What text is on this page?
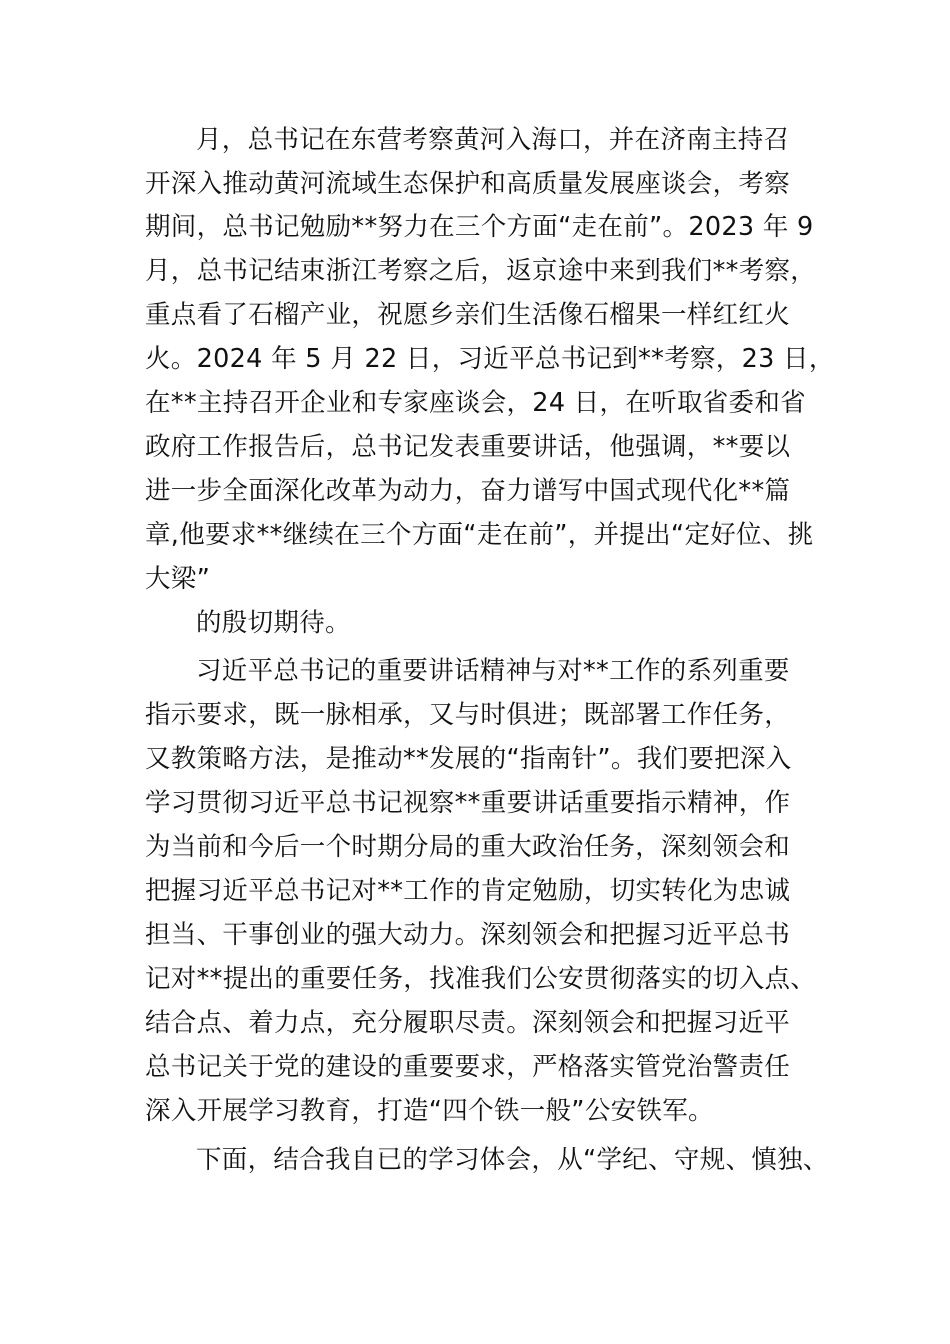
月，总书记在东营考察黄河入海口，并在济南主持召
开深入推动黄河流域生态保护和高质量发展座谈会，考察
期间，总书记勉励**努力在三个方面“走在前”。2023 年 9
月，总书记结束浙江考察之后，返京途中来到我们**考察，
重点看了石榴产业，祝愿乡亲们生活像石榴果一样红红火
火。2024 年 5 月 22 日，习近平总书记到**考察，23 日，
在**主持召开企业和专家座谈会，24 日，在听取省委和省
政府工作报告后，总书记发表重要讲话，他强调，**要以
进一步全面深化改革为动力，奋力谱写中国式现代化**篇
章,他要求**继续在三个方面“走在前”，并提出“定好位、挑
大梁”
的殷切期待。
习近平总书记的重要讲话精神与对**工作的系列重要
指示要求，既一脉相承，又与时俱进；既部署工作任务，
又教策略方法，是推动**发展的“指南针”。我们要把深入
学习贯彻习近平总书记视察**重要讲话重要指示精神，作
为当前和今后一个时期分局的重大政治任务，深刻领会和
把握习近平总书记对**工作的肯定勉励，切实转化为忠诚
担当、干事创业的强大动力。深刻领会和把握习近平总书
记对**提出的重要任务，找准我们公安贯彻落实的切入点、
结合点、着力点，充分履职尽责。深刻领会和把握习近平
总书记关于党的建设的重要要求，严格落实管党治警责任
深入开展学习教育，打造“四个铁一般”公安铁军。
下面，结合我自已的学习体会，从“学纪、守规、慎独、
